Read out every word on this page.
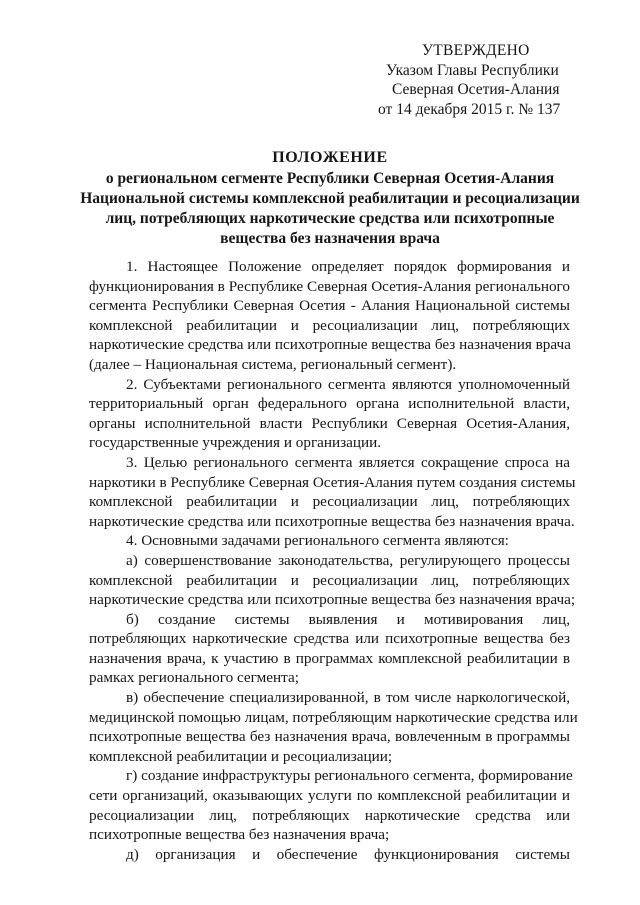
УТВЕРЖДЕНО
Указом Главы Республики
Северная Осетия-Алания
от 14 декабря 2015 г. № 137
ПОЛОЖЕНИЕ
о региональном сегменте Республики Северная Осетия-Алания
Национальной системы комплексной реабилитации и ресоциализации
лиц, потребляющих наркотические средства или психотропные
вещества без назначения врача
1. Настоящее Положение определяет порядок формирования и
функционирования в Республике Северная Осетия-Алания регионального
сегмента Республики Северная Осетия - Алания Национальной системы
комплексной реабилитации и ресоциализации лиц, потребляющих
наркотические средства или психотропные вещества без назначения врача
(далее – Национальная система, региональный сегмент).
2. Субъектами регионального сегмента являются уполномоченный
территориальный орган федерального органа исполнительной власти,
органы исполнительной власти Республики Северная Осетия-Алания,
государственные учреждения и организации.
3. Целью регионального сегмента является сокращение спроса на
наркотики в Республике Северная Осетия-Алания путем создания системы
комплексной реабилитации и ресоциализации лиц, потребляющих
наркотические средства или психотропные вещества без назначения врача.
4. Основными задачами регионального сегмента являются:
а) совершенствование законодательства, регулирующего процессы
комплексной реабилитации и ресоциализации лиц, потребляющих
наркотические средства или психотропные вещества без назначения врача;
б) создание системы выявления и мотивирования лиц,
потребляющих наркотические средства или психотропные вещества без
назначения врача, к участию в программах комплексной реабилитации в
рамках регионального сегмента;
в) обеспечение специализированной, в том числе наркологической,
медицинской помощью лицам, потребляющим наркотические средства или
психотропные вещества без назначения врача, вовлеченным в программы
комплексной реабилитации и ресоциализации;
г) создание инфраструктуры регионального сегмента, формирование
сети организаций, оказывающих услуги по комплексной реабилитации и
ресоциализации лиц, потребляющих наркотические средства или
психотропные вещества без назначения врача;
д) организация и обеспечение функционирования системы
